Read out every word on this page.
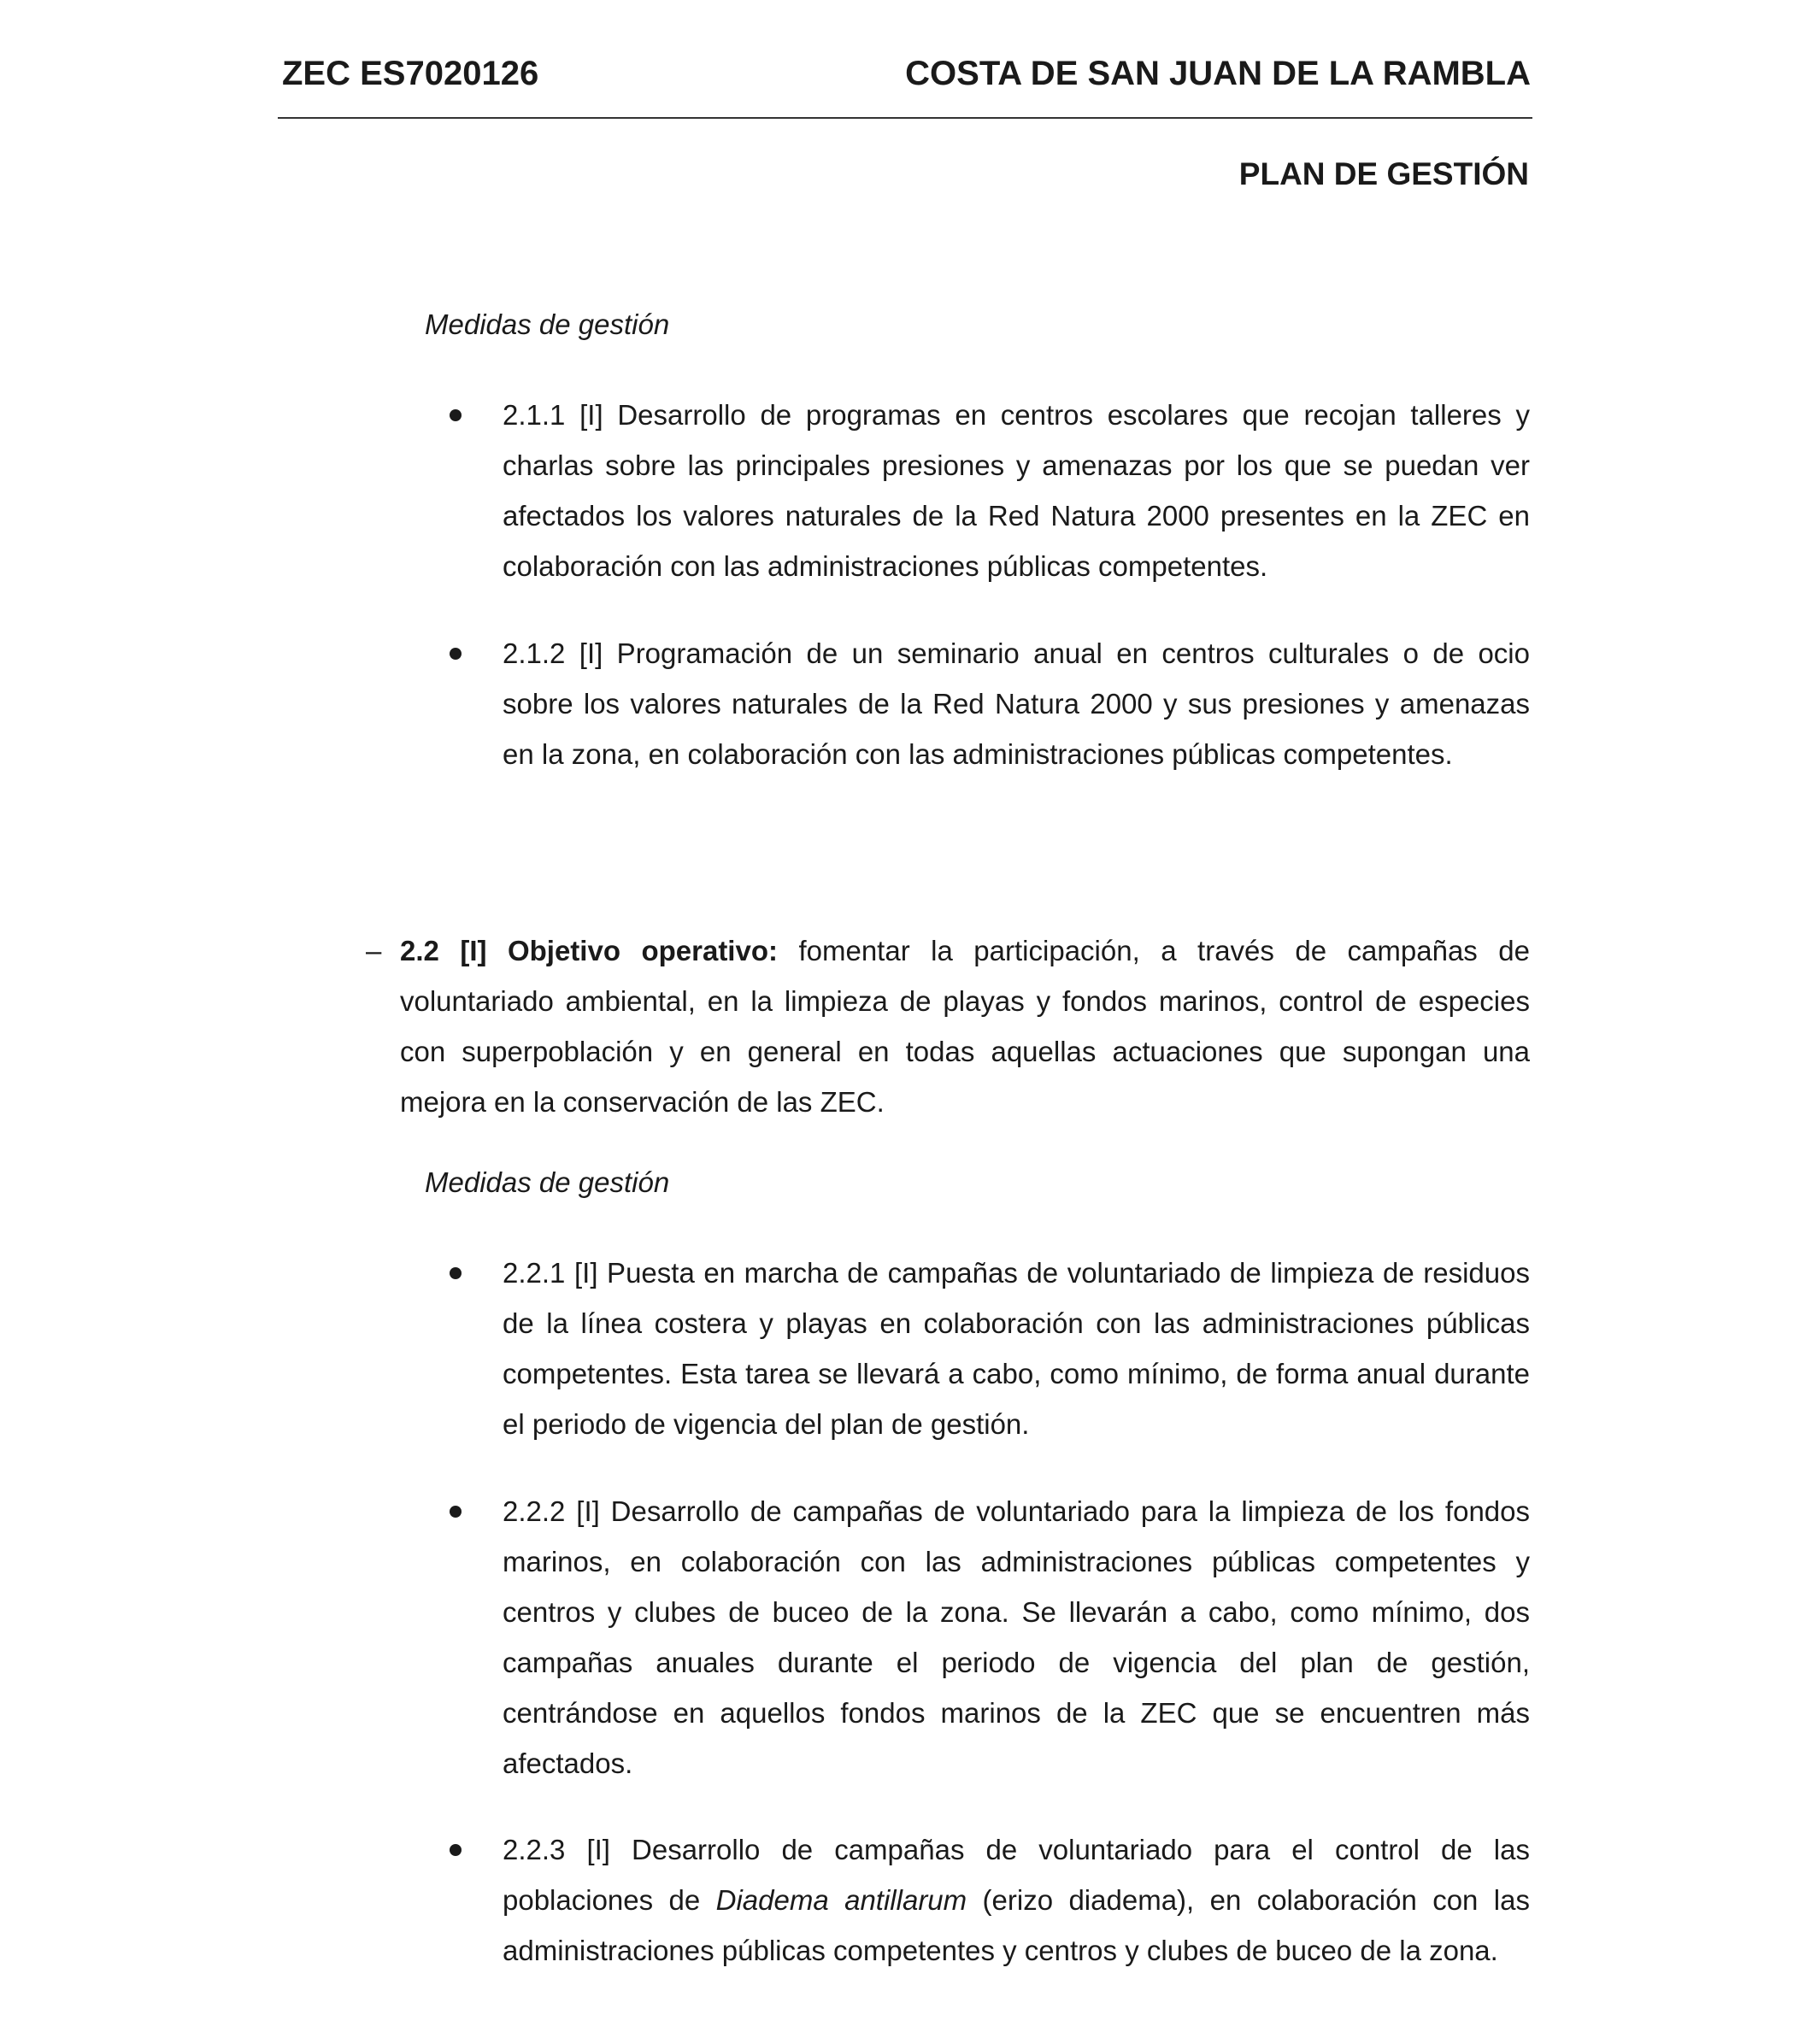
ZEC ES7020126	COSTA DE SAN JUAN DE LA RAMBLA
PLAN DE GESTIÓN
Medidas de gestión
2.1.1 [I] Desarrollo de programas en centros escolares que recojan talleres y charlas sobre las principales presiones y amenazas por los que se puedan ver afectados los valores naturales de la Red Natura 2000 presentes en la ZEC en colaboración con las administraciones públicas competentes.
2.1.2 [I] Programación de un seminario anual en centros culturales o de ocio sobre los valores naturales de la Red Natura 2000 y sus presiones y amenazas en la zona, en colaboración con las administraciones públicas competentes.
– 2.2 [I] Objetivo operativo: fomentar la participación, a través de campañas de voluntariado ambiental, en la limpieza de playas y fondos marinos, control de especies con superpoblación y en general en todas aquellas actuaciones que supongan una mejora en la conservación de las ZEC.
Medidas de gestión
2.2.1 [I] Puesta en marcha de campañas de voluntariado de limpieza de residuos de la línea costera y playas en colaboración con las administraciones públicas competentes. Esta tarea se llevará a cabo, como mínimo, de forma anual durante el periodo de vigencia del plan de gestión.
2.2.2 [I] Desarrollo de campañas de voluntariado para la limpieza de los fondos marinos, en colaboración con las administraciones públicas competentes y centros y clubes de buceo de la zona. Se llevarán a cabo, como mínimo, dos campañas anuales durante el periodo de vigencia del plan de gestión, centrándose en aquellos fondos marinos de la ZEC que se encuentren más afectados.
2.2.3 [I] Desarrollo de campañas de voluntariado para el control de las poblaciones de Diadema antillarum (erizo diadema), en colaboración con las administraciones públicas competentes y centros y clubes de buceo de la zona.
